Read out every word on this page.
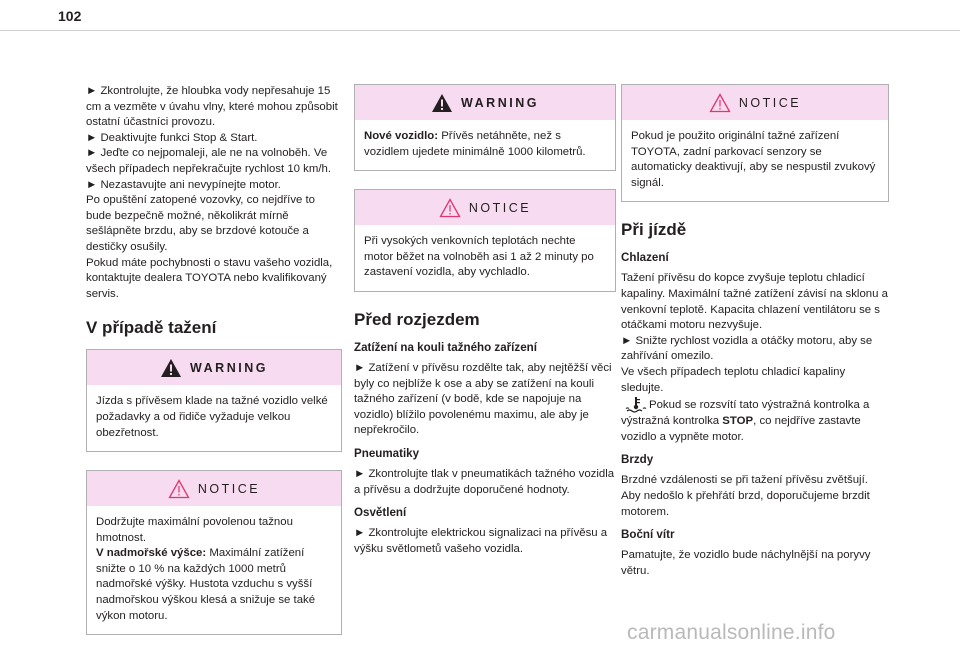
102

► Zkontrolujte, že hloubka vody nepřesahuje 15 cm a vezměte v úvahu vlny, které mohou způsobit ostatní účastníci provozu.

► Deaktivujte funkci Stop & Start.

► Jeďte co nejpomaleji, ale ne na volnoběh. Ve všech případech nepřekračujte rychlost 10 km/h.

► Nezastavujte ani nevypínejte motor.

Po opuštění zatopené vozovky, co nejdříve to bude bezpečně možné, několikrát mírně sešlápněte brzdu, aby se brzdové kotouče a destičky osušily.

Pokud máte pochybnosti o stavu vašeho vozidla, kontaktujte dealera TOYOTA nebo kvalifikovaný servis.

V případě tažení
WARNING

Jízda s přívěsem klade na tažné vozidlo velké požadavky a od řidiče vyžaduje velkou obezřetnost.

NOTICE

Dodržujte maximální povolenou tažnou hmotnost.

V nadmořské výšce: Maximální zatížení snižte o 10 % na každých 1000 metrů nadmořské výšky. Hustota vzduchu s vyšší nadmořskou výškou klesá a snižuje se také výkon motoru.

WARNING

Nové vozidlo: Přívěs netáhněte, než s vozidlem ujedete minimálně 1000 kilometrů.

NOTICE

Při vysokých venkovních teplotách nechte motor běžet na volnoběh asi 1 až 2 minuty po zastavení vozidla, aby vychladlo.

Před rozjezdem
Zatížení na kouli tažného zařízení

► Zatížení v přívěsu rozdělte tak, aby nejtěžší věci byly co nejblíže k ose a aby se zatížení na kouli tažného zařízení (v bodě, kde se napojuje na vozidlo) blížilo povolenému maximu, ale aby je nepřekročilo.

Pneumatiky

► Zkontrolujte tlak v pneumatikách tažného vozidla a přívěsu a dodržujte doporučené hodnoty.

Osvětlení

► Zkontrolujte elektrickou signalizaci na přívěsu a výšku světlometů vašeho vozidla.

NOTICE

Pokud je použito originální tažné zařízení TOYOTA, zadní parkovací senzory se automaticky deaktivují, aby se nespustil zvukový signál.

Při jízdě
Chlazení

Tažení přívěsu do kopce zvyšuje teplotu chladicí kapaliny. Maximální tažné zatížení závisí na sklonu a venkovní teplotě. Kapacita chlazení ventilátoru se s otáčkami motoru nezvyšuje.

► Snižte rychlost vozidla a otáčky motoru, aby se zahřívání omezilo.

Ve všech případech teplotu chladicí kapaliny sledujte.

Pokud se rozsvítí tato výstražná kontrolka a výstražná kontrolka STOP, co nejdříve zastavte vozidlo a vypněte motor.

Brzdy

Brzdné vzdálenosti se při tažení přívěsu zvětšují. Aby nedošlo k přehřátí brzd, doporučujeme brzdit motorem.

Boční vítr

Pamatujte, že vozidlo bude náchylnější na poryvy větru.

carmanualsonline.info
